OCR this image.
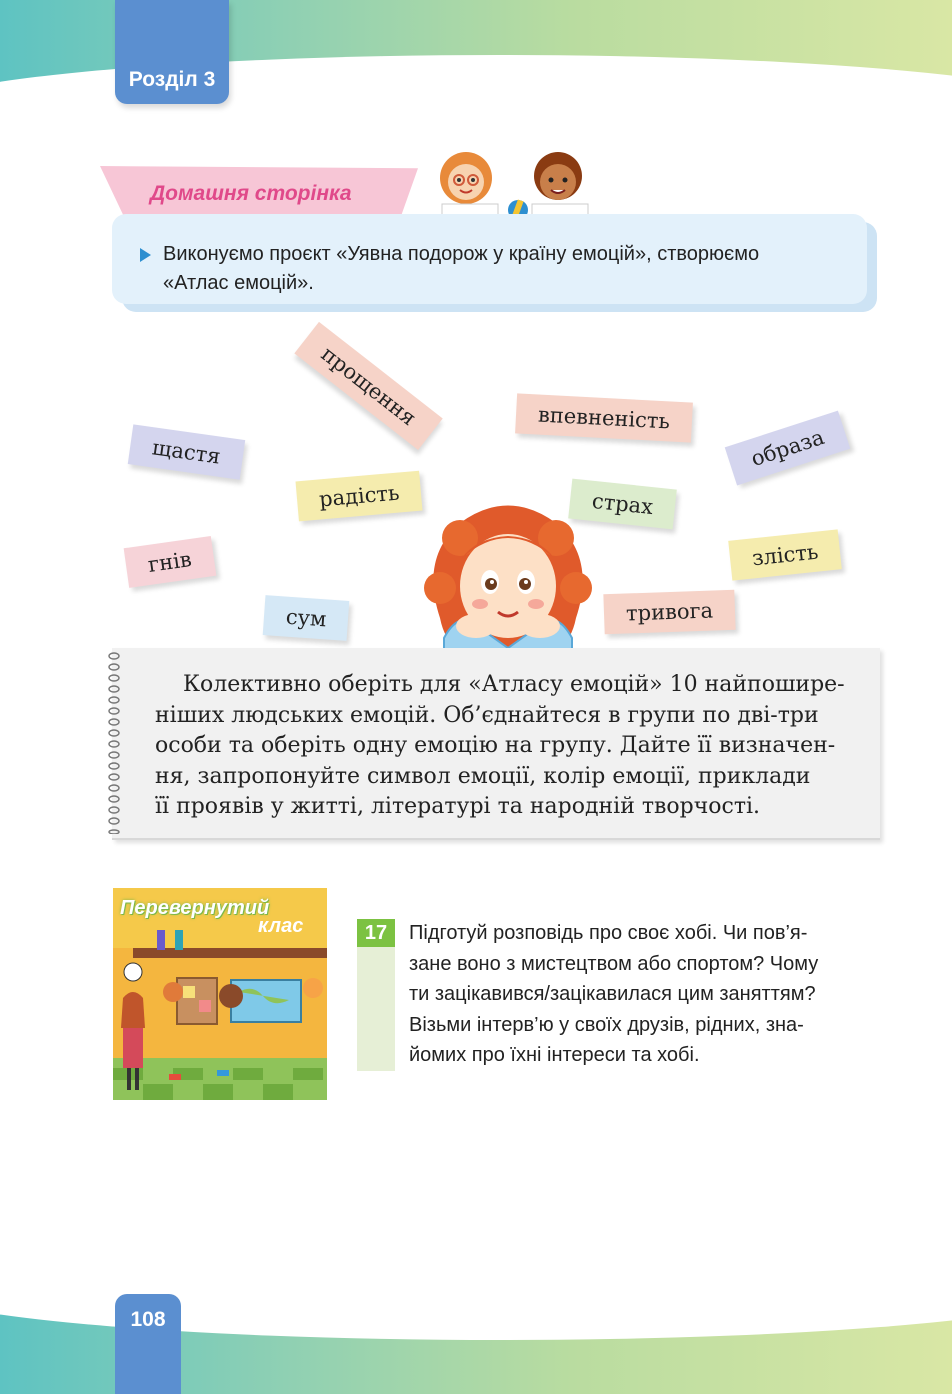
Розділ 3
Домашня сторінка
Виконуємо проєкт «Уявна подорож у країну емоцій», створюємо
«Атлас емоцій».
прощення	впевненість
щастя
радість
образа
страх
гнів	злість
сум	тривога
Колективно оберіть для «Атласу емоцій» 10 найпошире-
ніших людських емоцій. Об’єднайтеся в групи по дві-три
особи та оберіть одну емоцію на групу. Дайте її визначен-
ня, запропонуйте символ емоції, колір емоції, приклади
її проявів у житті, літературі та народній творчості.
Перевернутий
клас	17	Підготуй розповідь про своє хобі. Чи пов’я-
зане воно з мистецтвом або спортом? Чому
ти зацікавився/зацікавилася цим заняттям?
Візьми інтерв’ю у своїх друзів, рідних, зна-
йомих про їхні інтереси та хобі.
108
